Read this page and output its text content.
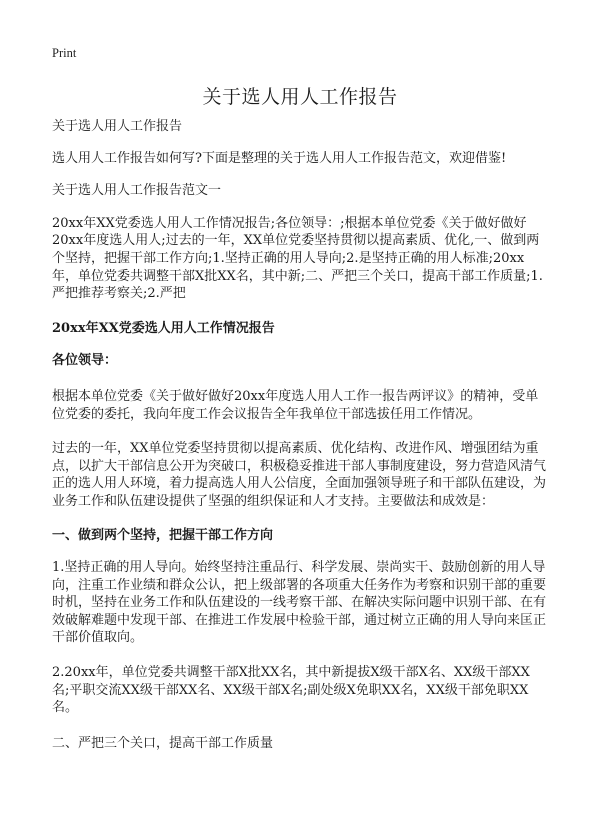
Print
关于选人用人工作报告

关于选人用人工作报告

选人用人工作报告如何写?下面是整理的关于选人用人工作报告范文，欢迎借鉴!

关于选人用人工作报告范文一

20xx年XX党委选人用人工作情况报告;各位领导：;根据本单位党委《关于做好做好20xx年度选人用人;过去的一年，XX单位党委坚持贯彻以提高素质、优化,一、做到两个坚持，把握干部工作方向;1.坚持正确的用人导向;2.是坚持正确的用人标准;20xx年，单位党委共调整干部X批XX名，其中新;二、严把三个关口，提高干部工作质量;1.严把推荐考察关;2.严把

20xx年XX党委选人用人工作情况报告

各位领导：

根据本单位党委《关于做好做好20xx年度选人用人工作一报告两评议》的精神，受单位党委的委托，我向年度工作会议报告全年我单位干部选拔任用工作情况。

过去的一年，XX单位党委坚持贯彻以提高素质、优化结构、改进作风、增强团结为重点，以扩大干部信息公开为突破口，积极稳妥推进干部人事制度建设，努力营造风清气正的选人用人环境，着力提高选人用人公信度，全面加强领导班子和干部队伍建设，为业务工作和队伍建设提供了坚强的组织保证和人才支持。主要做法和成效是：

一、做到两个坚持，把握干部工作方向

1.坚持正确的用人导向。始终坚持注重品行、科学发展、崇尚实干、鼓励创新的用人导向，注重工作业绩和群众公认，把上级部署的各项重大任务作为考察和识别干部的重要时机，坚持在业务工作和队伍建设的一线考察干部、在解决实际问题中识别干部、在有效破解难题中发现干部、在推进工作发展中检验干部，通过树立正确的用人导向来匡正干部价值取向。

2.20xx年，单位党委共调整干部X批XX名，其中新提拔X级干部X名、XX级干部XX名;平职交流XX级干部XX名、XX级干部X名;副处级X免职XX名，XX级干部免职XX名。

二、严把三个关口，提高干部工作质量
